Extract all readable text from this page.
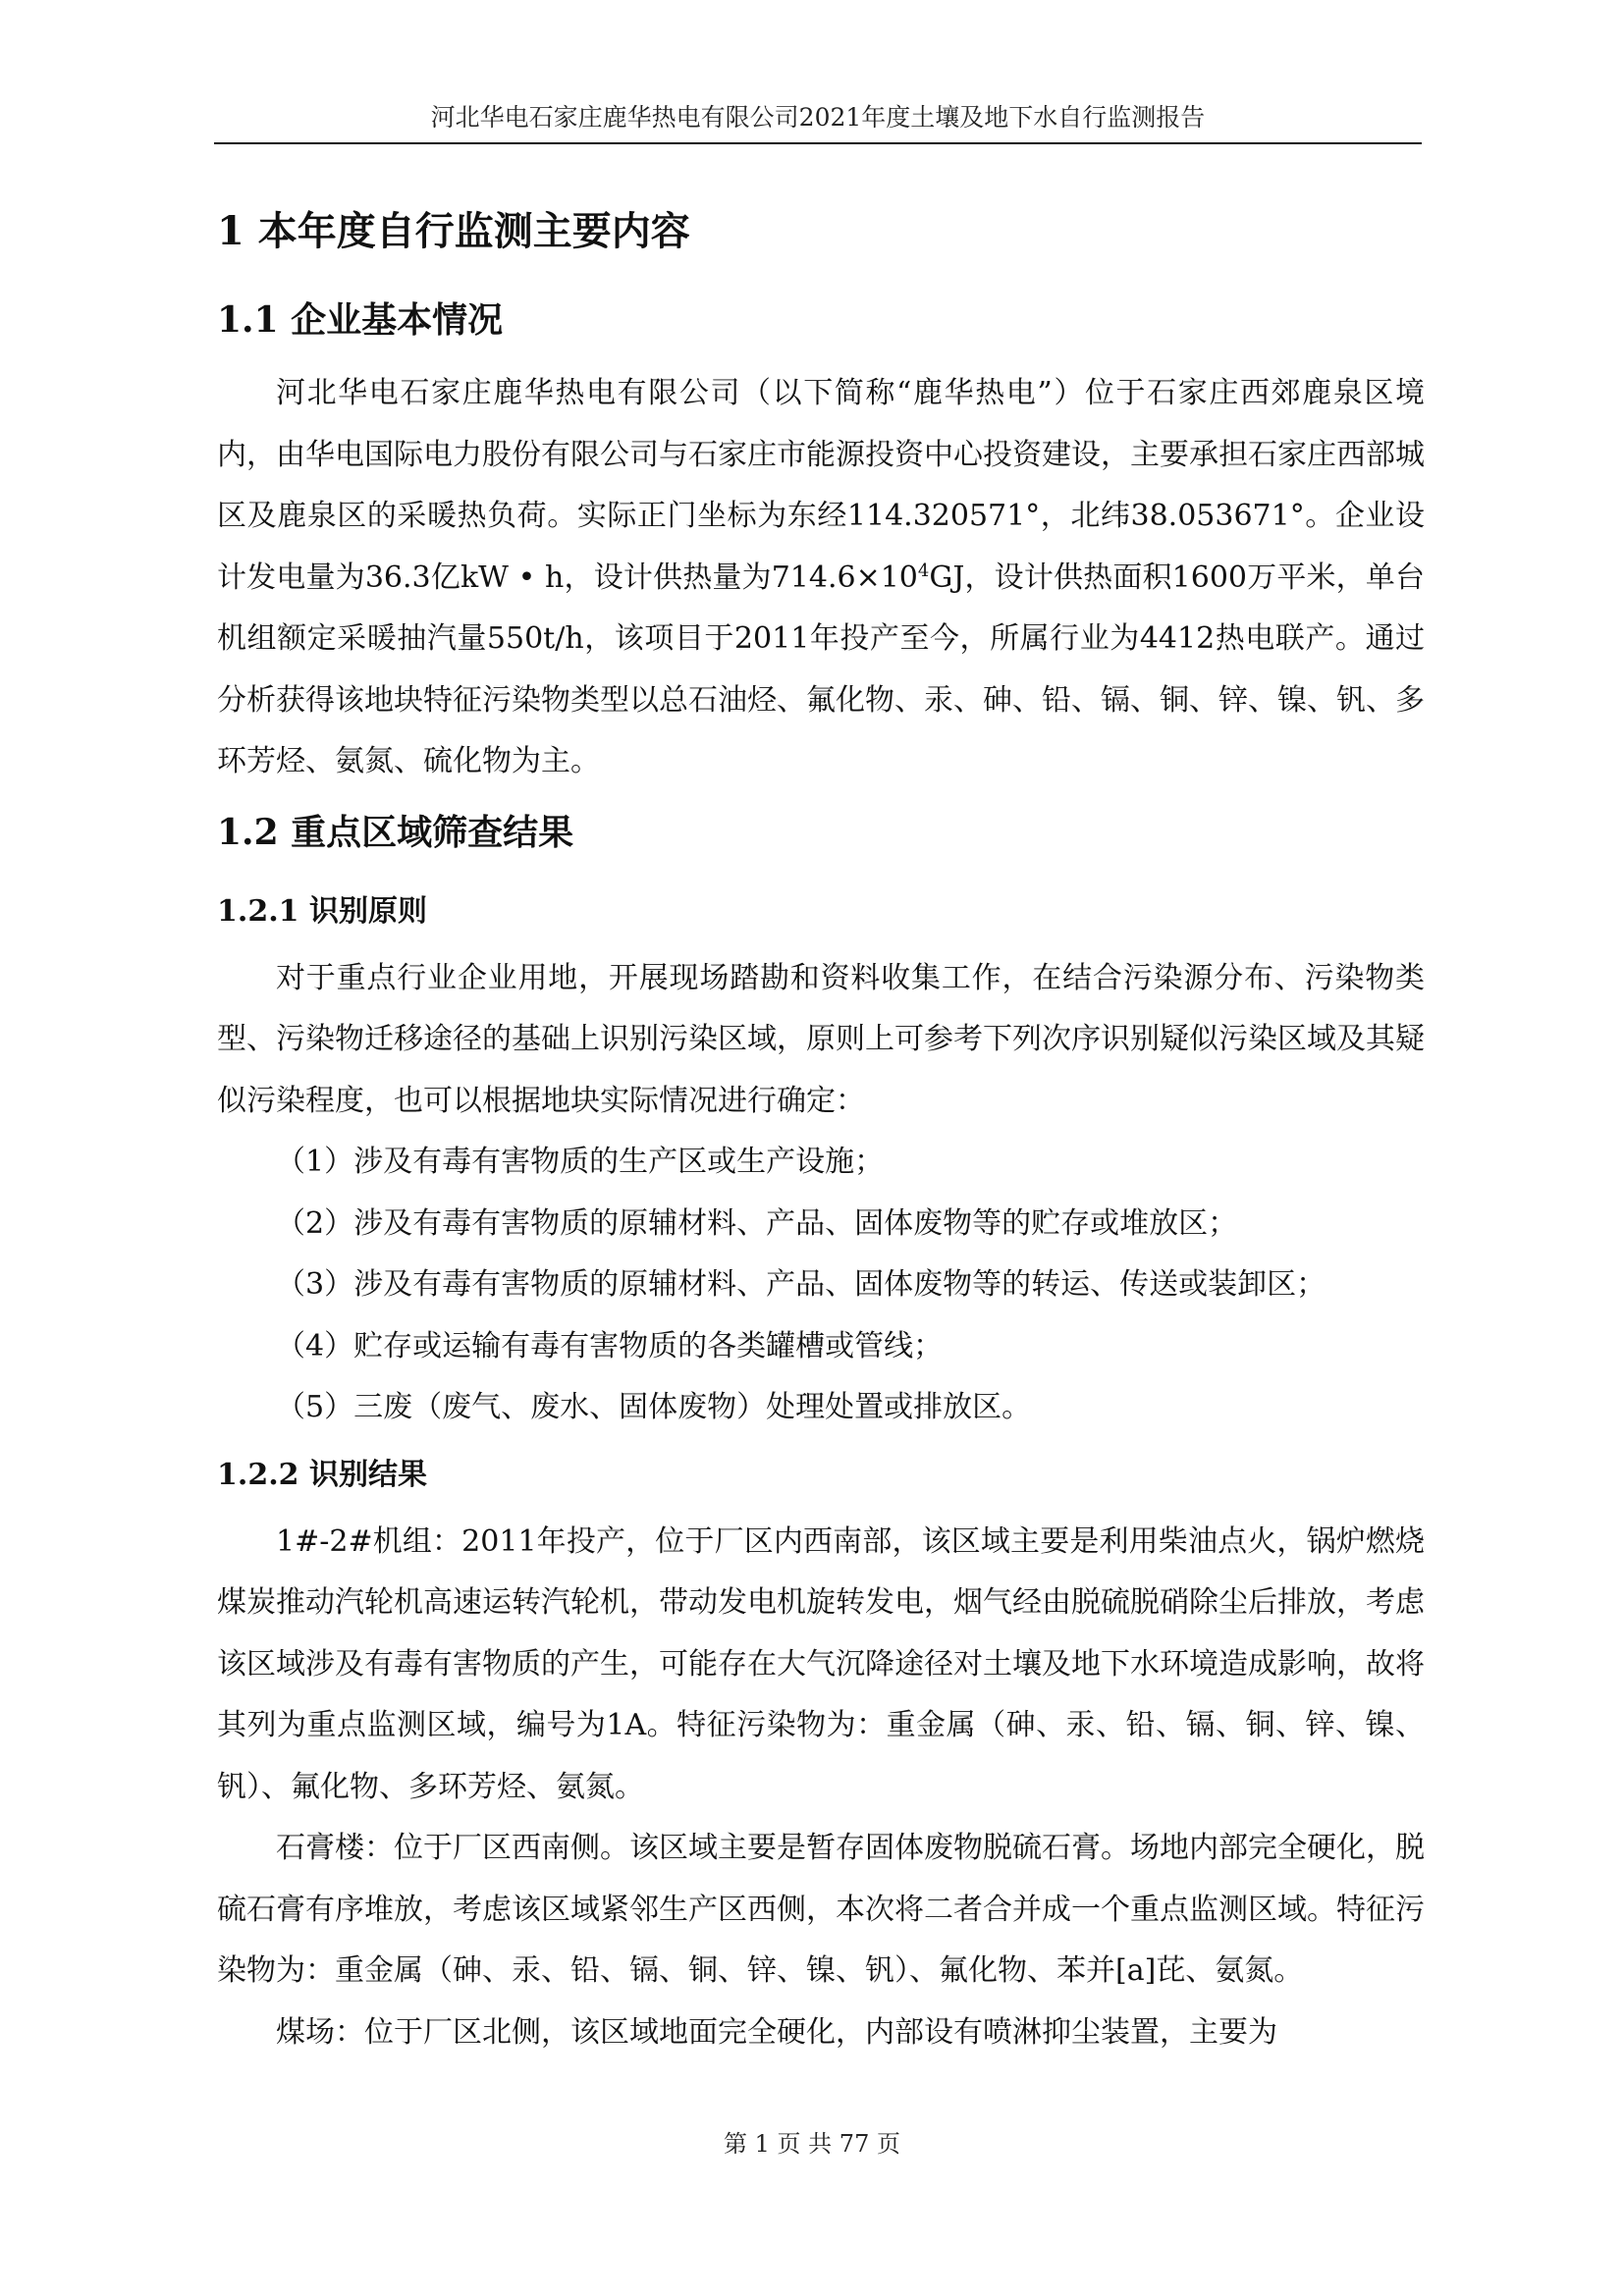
河北华电石家庄鹿华热电有限公司2021年度土壤及地下水自行监测报告
1 本年度自行监测主要内容
1.1 企业基本情况

河北华电石家庄鹿华热电有限公司（以下简称“鹿华热电”）位于石家庄西郊鹿泉区境内，由华电国际电力股份有限公司与石家庄市能源投资中心投资建设，主要承担石家庄西部城区及鹿泉区的采暖热负荷。实际正门坐标为东经114.320571°，北纬38.053671°。企业设计发电量为36.3亿kW • h，设计供热量为$714.6\times 10^4GJ$，设计供热面积1600万平米，单台机组额定采暖抽汽量550t/h，该项目于2011年投产至今，所属行业为4412热电联产。通过分析获得该地块特征污染物类型以总石油烃、氟化物、汞、砷、铅、镉、铜、锌、镍、钒、多环芳烃、氨氮、硫化物为主。

1.2 重点区域筛查结果
1.2.1 识别原则

对于重点行业企业用地，开展现场踏勘和资料收集工作，在结合污染源分布、污染物类型、污染物迁移途径的基础上识别污染区域，原则上可参考下列次序识别疑似污染区域及其疑似污染程度，也可以根据地块实际情况进行确定：

（1）涉及有毒有害物质的生产区或生产设施；

（2）涉及有毒有害物质的原辅材料、产品、固体废物等的贮存或堆放区；

（3）涉及有毒有害物质的原辅材料、产品、固体废物等的转运、传送或装卸区；

（4）贮存或运输有毒有害物质的各类罐槽或管线；

（5）三废（废气、废水、固体废物）处理处置或排放区。

1.2.2 识别结果

1#-2#机组：2011年投产，位于厂区内西南部，该区域主要是利用柴油点火，锅炉燃烧煤炭推动汽轮机高速运转汽轮机，带动发电机旋转发电，烟气经由脱硫脱硝除尘后排放，考虑该区域涉及有毒有害物质的产生，可能存在大气沉降途径对土壤及地下水环境造成影响，故将其列为重点监测区域，编号为1A。特征污染物为：重金属（砷、汞、铅、镉、铜、锌、镍、钒）、氟化物、多环芳烃、氨氮。

石膏楼：位于厂区西南侧。该区域主要是暂存固体废物脱硫石膏。场地内部完全硬化，脱硫石膏有序堆放，考虑该区域紧邻生产区西侧，本次将二者合并成一个重点监测区域。特征污染物为：重金属（砷、汞、铅、镉、铜、锌、镍、钒）、氟化物、苯并[a]芘、氨氮。

煤场：位于厂区北侧，该区域地面完全硬化，内部设有喷淋抑尘装置，主要为

第 1 页 共 77 页
